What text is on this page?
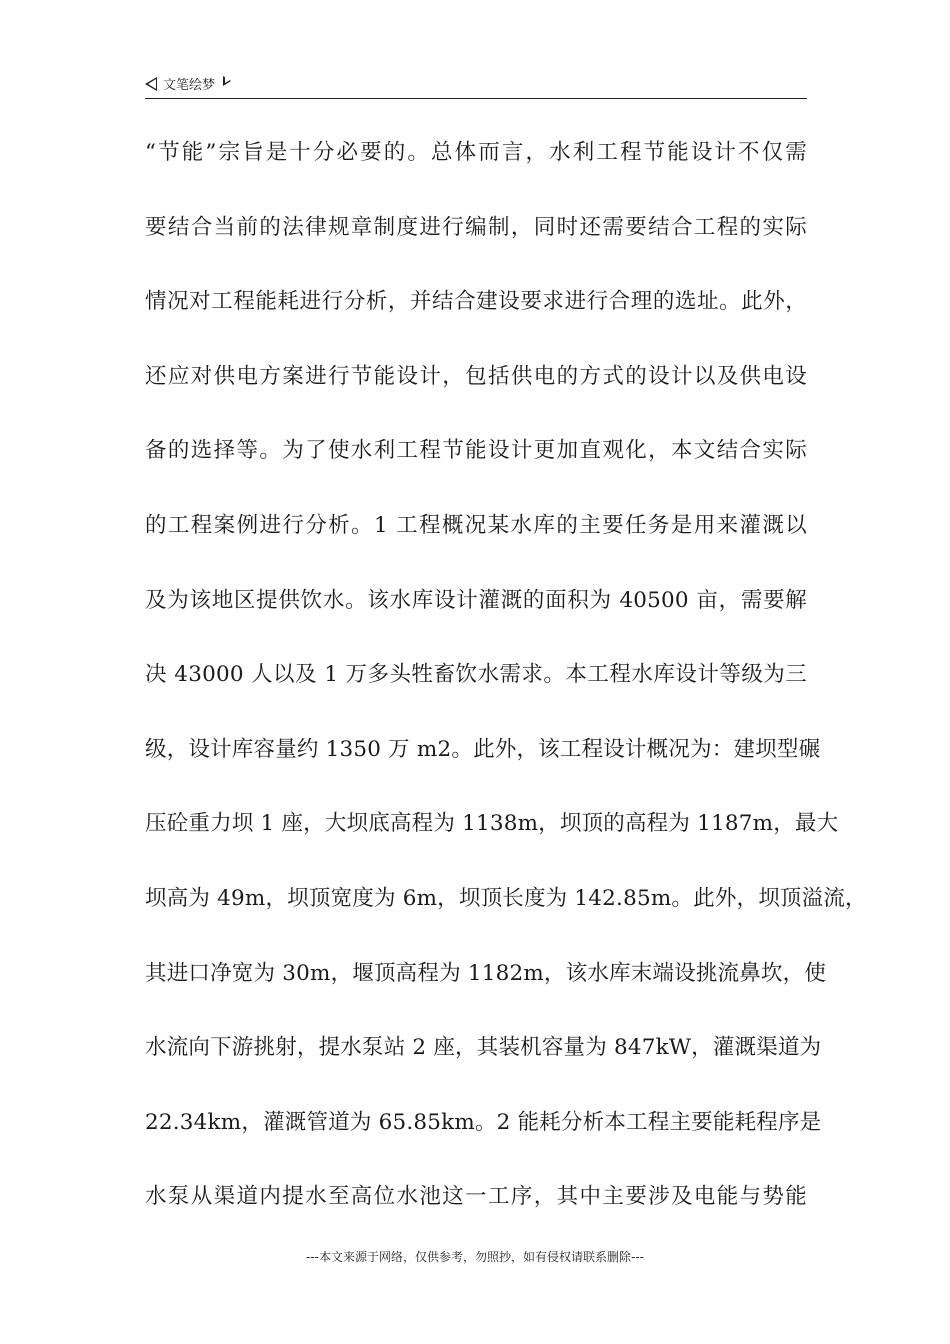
文笔绘梦
“节能”宗旨是十分必要的。总体而言，水利工程节能设计不仅需
要结合当前的法律规章制度进行编制，同时还需要结合工程的实际
情况对工程能耗进行分析，并结合建设要求进行合理的选址。此外，
还应对供电方案进行节能设计，包括供电的方式的设计以及供电设
备的选择等。为了使水利工程节能设计更加直观化，本文结合实际
的工程案例进行分析。1 工程概况某水库的主要任务是用来灌溉以
及为该地区提供饮水。该水库设计灌溉的面积为 40500 亩，需要解
决 43000 人以及 1 万多头牲畜饮水需求。本工程水库设计等级为三
级，设计库容量约 1350 万 m2。此外，该工程设计概况为：建坝型碾
压砼重力坝 1 座，大坝底高程为 1138m，坝顶的高程为 1187m，最大
坝高为 49m，坝顶宽度为 6m，坝顶长度为 142.85m。此外，坝顶溢流，
其进口净宽为 30m，堰顶高程为 1182m，该水库末端设挑流鼻坎，使
水流向下游挑射，提水泵站 2 座，其装机容量为 847kW，灌溉渠道为
22.34km，灌溉管道为 65.85km。2 能耗分析本工程主要能耗程序是
水泵从渠道内提水至高位水池这一工序，其中主要涉及电能与势能
---本文来源于网络，仅供参考，勿照抄，如有侵权请联系删除---
